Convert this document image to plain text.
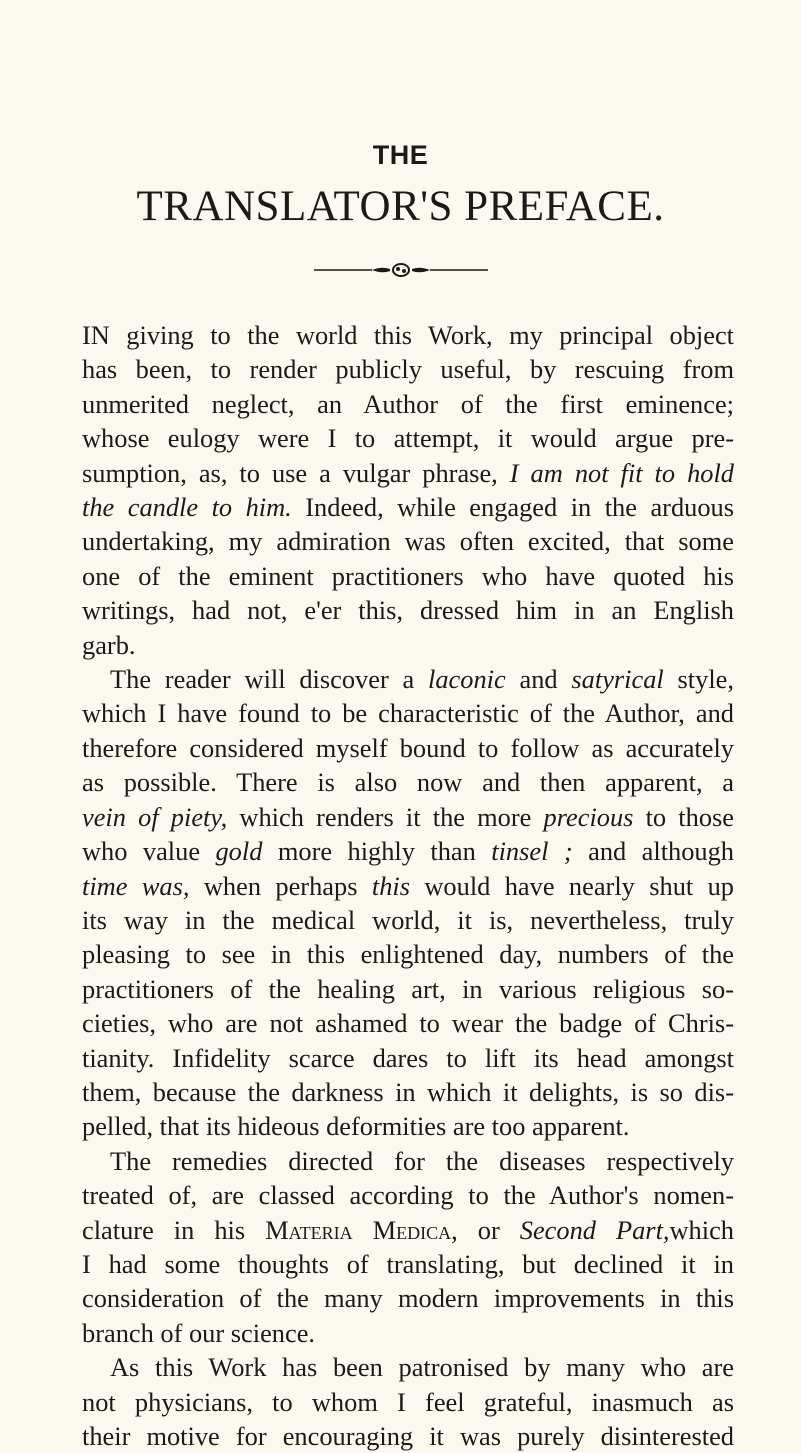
THE
TRANSLATOR'S PREFACE.
IN giving to the world this Work, my principal object
has been, to render publicly useful, by rescuing from
unmerited neglect, an Author of the first eminence;
whose eulogy were I to attempt, it would argue pre-
sumption, as, to use a vulgar phrase, I am not fit to hold
the candle to him. Indeed, while engaged in the arduous
undertaking, my admiration was often excited, that some
one of the eminent practitioners who have quoted his
writings, had not, e'er this, dressed him in an English
garb.
The reader will discover a laconic and satyrical style,
which I have found to be characteristic of the Author, and
therefore considered myself bound to follow as accurately
as possible. There is also now and then apparent, a
vein of piety, which renders it the more precious to those
who value gold more highly than tinsel ; and although
time was, when perhaps this would have nearly shut up
its way in the medical world, it is, nevertheless, truly
pleasing to see in this enlightened day, numbers of the
practitioners of the healing art, in various religious so-
cieties, who are not ashamed to wear the badge of Chris-
tianity. Infidelity scarce dares to lift its head amongst
them, because the darkness in which it delights, is so dis-
pelled, that its hideous deformities are too apparent.
The remedies directed for the diseases respectively
treated of, are classed according to the Author's nomen-
clature in his Materia Medica, or Second Part,which
I had some thoughts of translating, but declined it in
consideration of the many modern improvements in this
branch of our science.
As this Work has been patronised by many who are
not physicians, to whom I feel grateful, inasmuch as
their motive for encouraging it was purely disinterested
